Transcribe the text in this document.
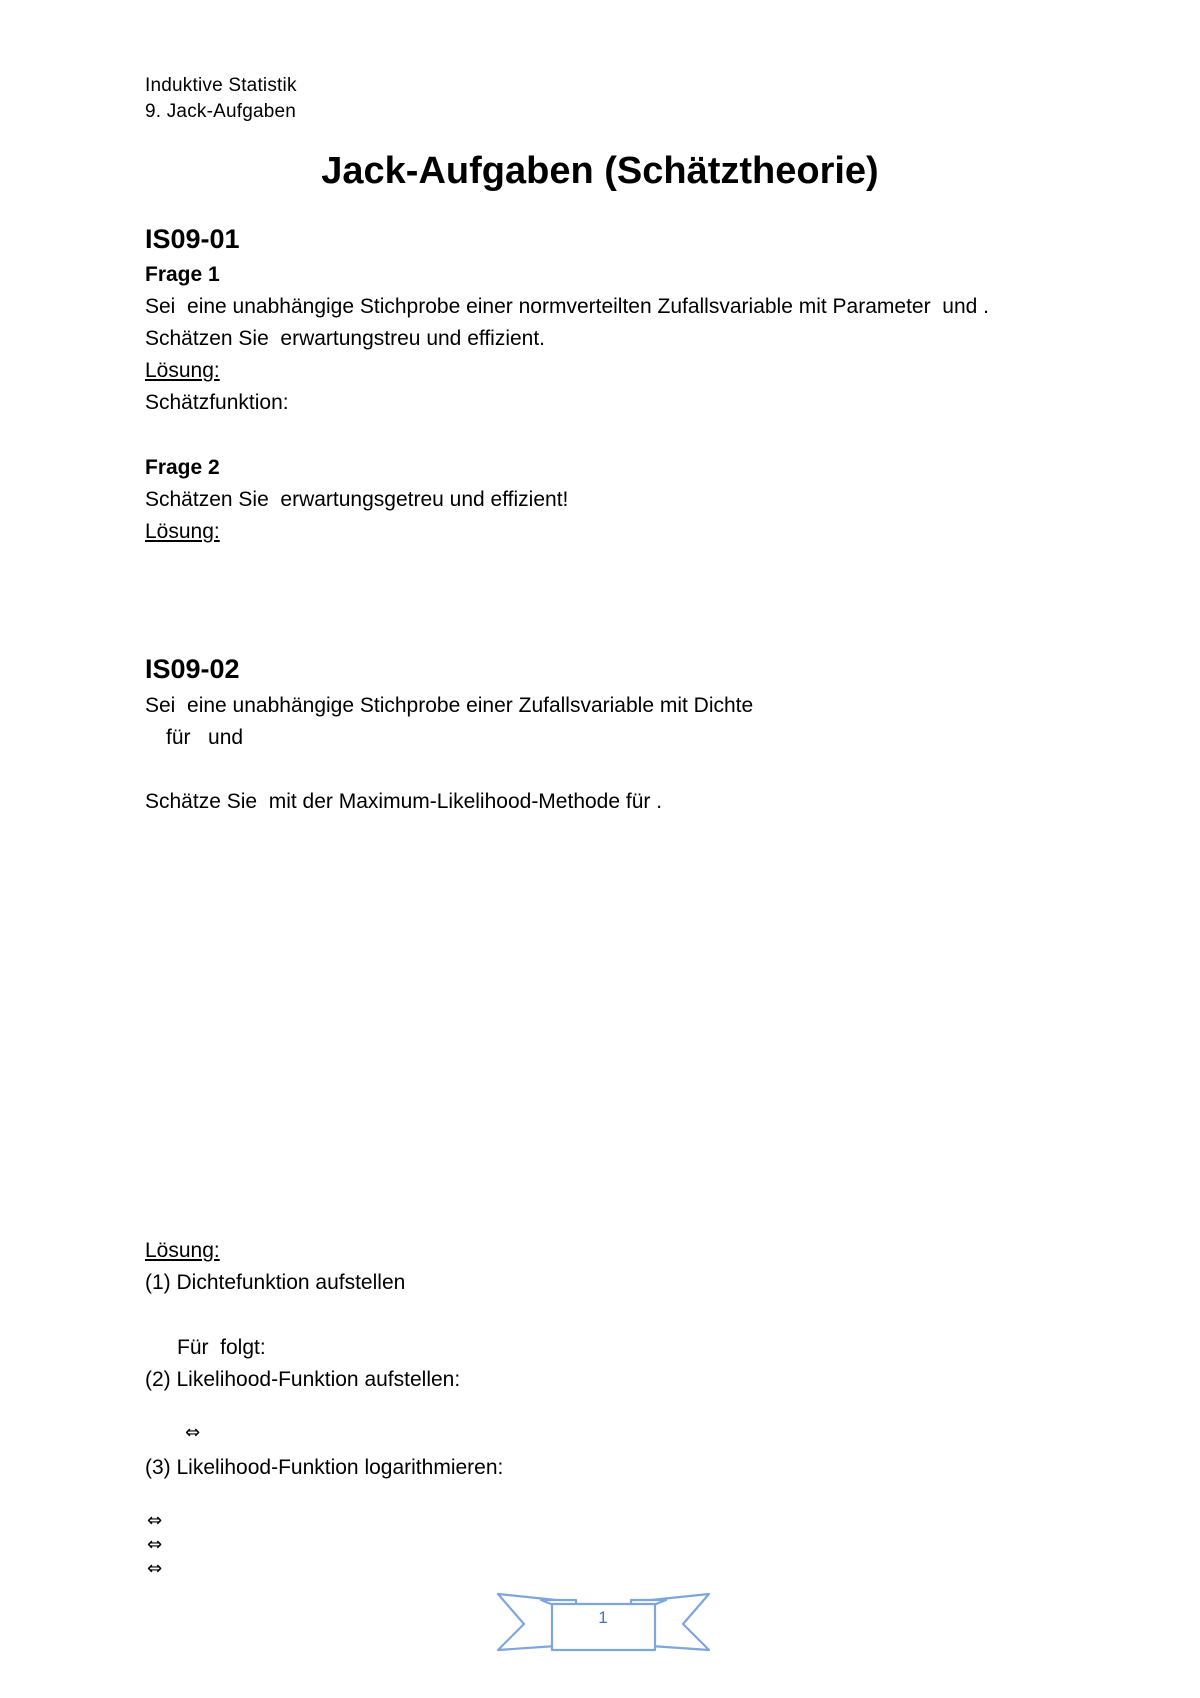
Induktive Statistik
9. Jack-Aufgaben
Jack-Aufgaben (Schätztheorie)
IS09-01
Frage 1
Sei  eine unabhängige Stichprobe einer normverteilten Zufallsvariable mit Parameter  und .
Schätzen Sie  erwartungstreu und effizient.
Lösung:
Schätzfunktion:
Frage 2
Schätzen Sie  erwartungsgetreu und effizient!
Lösung:
IS09-02
Sei  eine unabhängige Stichprobe einer Zufallsvariable mit Dichte
für   und
Schätze Sie  mit der Maximum-Likelihood-Methode für .
Lösung:
(1) Dichtefunktion aufstellen
Für  folgt:
(2) Likelihood-Funktion aufstellen:
⇔
(3) Likelihood-Funktion logarithmieren:
⇔
⇔
⇔
1
